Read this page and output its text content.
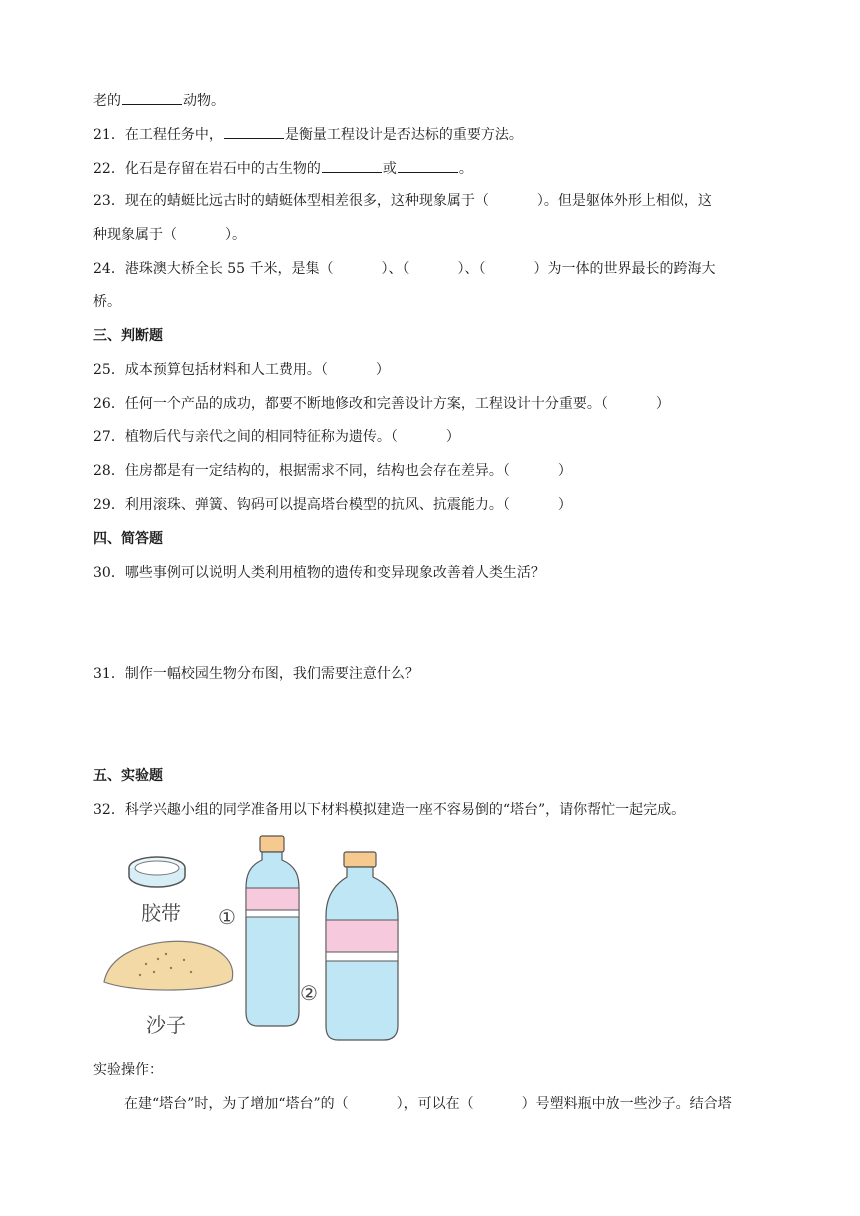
老的	动物。
21．在工程任务中，	是衡量工程设计是否达标的重要方法。
22．化石是存留在岩石中的古生物的	或	。
23．现在的蜻蜓比远古时的蜻蜓体型相差很多，这种现象属于（	）。但是躯体外形上相似，这
种现象属于（	）。
24．港珠澳大桥全长 55 千米，是集（	）、（	）、（	）为一体的世界最长的跨海大
桥。
三、判断题
25．成本预算包括材料和人工费用。（	）
26．任何一个产品的成功，都要不断地修改和完善设计方案，工程设计十分重要。（	）
27．植物后代与亲代之间的相同特征称为遗传。（	）
28．住房都是有一定结构的，根据需求不同，结构也会存在差异。（	）
29．利用滚珠、弹簧、钩码可以提高塔台模型的抗风、抗震能力。（	）
四、简答题
30．哪些事例可以说明人类利用植物的遗传和变异现象改善着人类生活？
31．制作一幅校园生物分布图，我们需要注意什么？
五、实验题
32．科学兴趣小组的同学准备用以下材料模拟建造一座不容易倒的“塔台”，请你帮忙一起完成。
胶带
沙子
①
②
实验操作：
在建“塔台”时，为了增加“塔台”的（	），可以在（	）号塑料瓶中放一些沙子。结合塔
